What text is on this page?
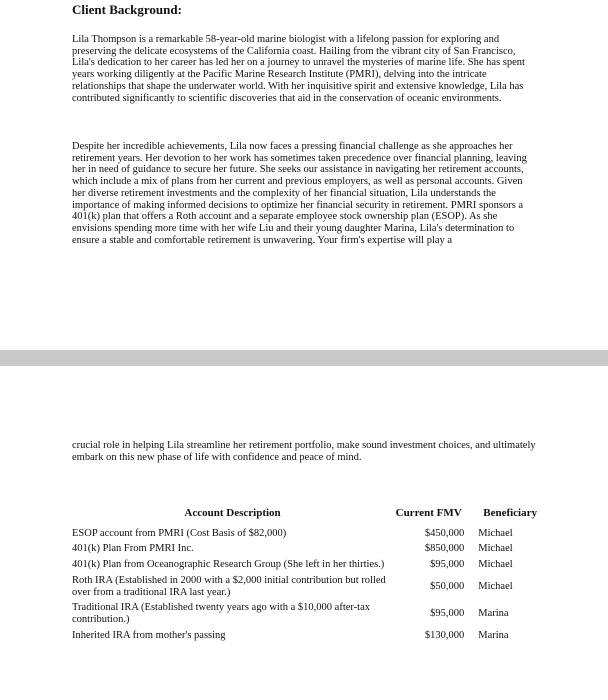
Client Background:

Lila Thompson is a remarkable 58-year-old marine biologist with a lifelong passion for exploring and preserving the delicate ecosystems of the California coast. Hailing from the vibrant city of San Francisco, Lila's dedication to her career has led her on a journey to unravel the mysteries of marine life. She has spent years working diligently at the Pacific Marine Research Institute (PMRI), delving into the intricate relationships that shape the underwater world. With her inquisitive spirit and extensive knowledge, Lila has contributed significantly to scientific discoveries that aid in the conservation of oceanic environments.

Despite her incredible achievements, Lila now faces a pressing financial challenge as she approaches her retirement years. Her devotion to her work has sometimes taken precedence over financial planning, leaving her in need of guidance to secure her future. She seeks our assistance in navigating her retirement accounts, which include a mix of plans from her current and previous employers, as well as personal accounts. Given her diverse retirement investments and the complexity of her financial situation, Lila understands the importance of making informed decisions to optimize her financial security in retirement. PMRI sponsors a 401(k) plan that offers a Roth account and a separate employee stock ownership plan (ESOP). As she envisions spending more time with her wife Liu and their young daughter Marina, Lila's determination to ensure a stable and comfortable retirement is unwavering. Your firm's expertise will play a

crucial role in helping Lila streamline her retirement portfolio, make sound investment choices, and ultimately embark on this new phase of life with confidence and peace of mind.

Account Description	Current FMV	Beneficiary
ESOP account from PMRI (Cost Basis of $82,000)	$450,000	Michael
401(k) Plan From PMRI Inc.	$850,000	Michael
401(k) Plan from Oceanographic Research Group (She left in her thirties.)	$95,000	Michael
Roth IRA (Established in 2000 with a $2,000 initial contribution but rolled over from a traditional IRA last year.)	$50,000	Michael
Traditional IRA (Established twenty years ago with a $10,000 after-tax contribution.)	$95,000	Marina
Inherited IRA from mother's passing	$130,000	Marina
